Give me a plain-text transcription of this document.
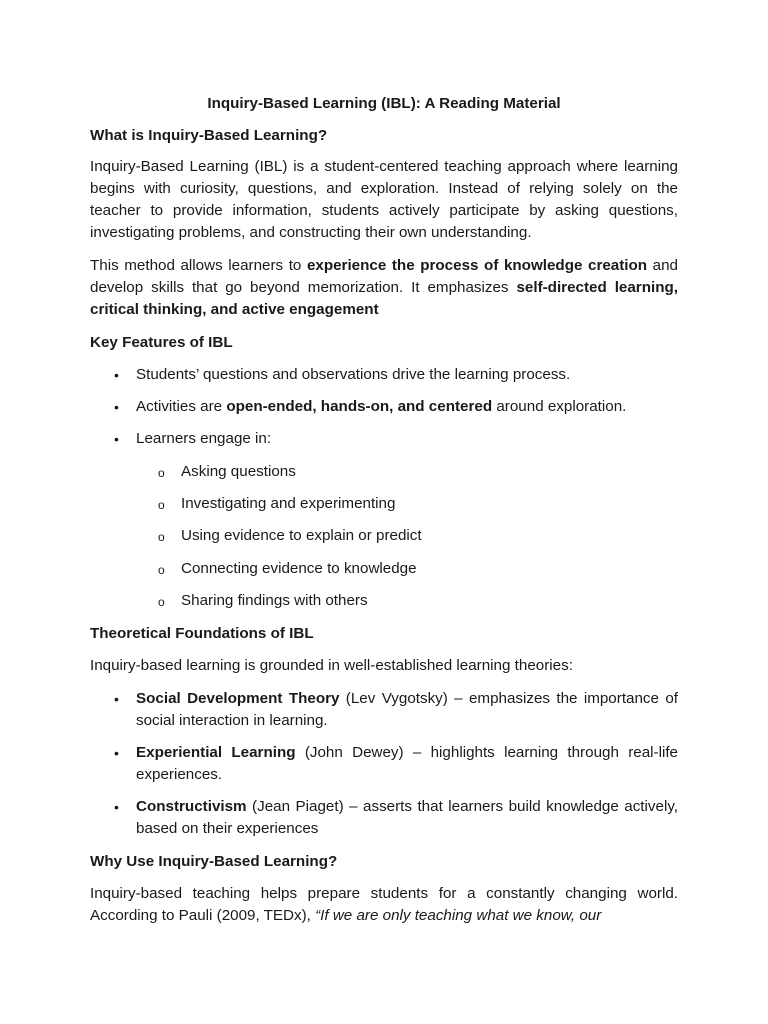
Inquiry-Based Learning (IBL): A Reading Material
What is Inquiry-Based Learning?
Inquiry-Based Learning (IBL) is a student-centered teaching approach where learning begins with curiosity, questions, and exploration. Instead of relying solely on the teacher to provide information, students actively participate by asking questions, investigating problems, and constructing their own understanding.
This method allows learners to experience the process of knowledge creation and develop skills that go beyond memorization. It emphasizes self-directed learning, critical thinking, and active engagement
Key Features of IBL
• Students’ questions and observations drive the learning process.
• Activities are open-ended, hands-on, and centered around exploration.
• Learners engage in:
o Asking questions
o Investigating and experimenting
o Using evidence to explain or predict
o Connecting evidence to knowledge
o Sharing findings with others
Theoretical Foundations of IBL
Inquiry-based learning is grounded in well-established learning theories:
• Social Development Theory (Lev Vygotsky) – emphasizes the importance of social interaction in learning.
• Experiential Learning (John Dewey) – highlights learning through real-life experiences.
• Constructivism (Jean Piaget) – asserts that learners build knowledge actively, based on their experiences
Why Use Inquiry-Based Learning?
Inquiry-based teaching helps prepare students for a constantly changing world. According to Pauli (2009, TEDx), “If we are only teaching what we know, our
